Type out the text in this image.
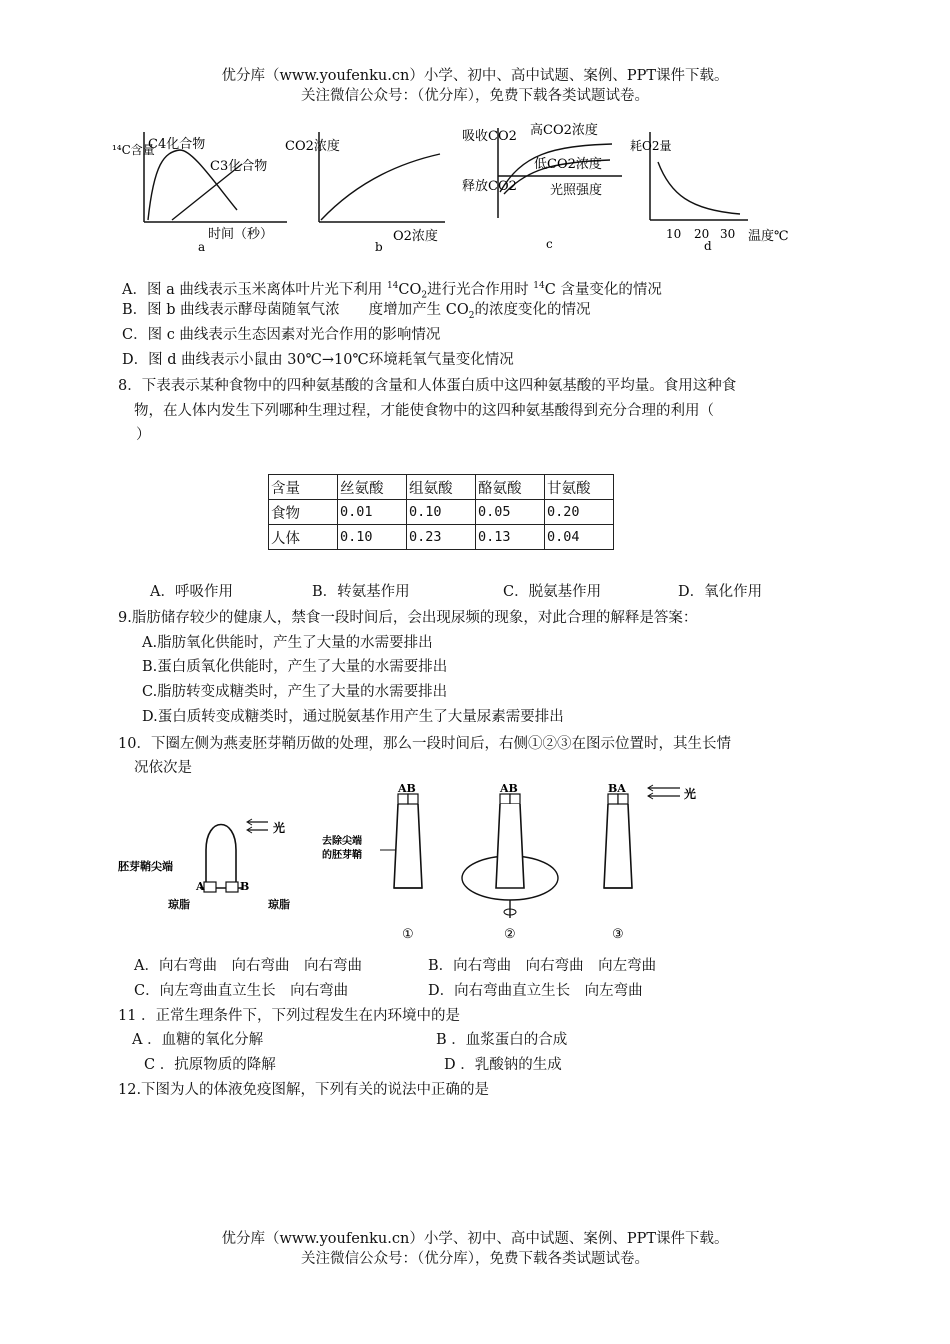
优分库（www.youfenku.cn）小学、初中、高中试题、案例、PPT课件下载。
关注微信公众号：（优分库），免费下载各类试题试卷。
¹⁴C含量
C4化合物
C3化合物
时间（秒）
a
CO2浓度
O2浓度
b
吸收CO2
释放CO2
高CO2浓度
低CO2浓度
光照强度
c
耗O2量
10 20 30 温度℃
d
A．图 a 曲线表示玉米离体叶片光下利用 $^{14}CO_2$进行光合作用时 $^{14}$C 含量变化的情况
B．图 b 曲线表示酵母菌随氧气浓　　度增加产生 $CO_2$的浓度变化的情况
C．图 c 曲线表示生态因素对光合作用的影响情况
D．图 d 曲线表示小鼠由 30℃→10℃环境耗氧气量变化情况
8．下表表示某种食物中的四种氨基酸的含量和人体蛋白质中这四种氨基酸的平均量。食用这种食
物，在人体内发生下列哪种生理过程，才能使食物中的这四种氨基酸得到充分合理的利用（
）
含量	丝氨酸	组氨酸	酪氨酸	甘氨酸
食物	0.01	0.10	0.05	0.20
人体	0.10	0.23	0.13	0.04
A．呼吸作用	B．转氨基作用	C．脱氨基作用	D．氧化作用
9.脂肪储存较少的健康人，禁食一段时间后，会出现尿频的现象，对此合理的解释是答案：
A.脂肪氧化供能时，产生了大量的水需要排出
B.蛋白质氧化供能时，产生了大量的水需要排出
C.脂肪转变成糖类时，产生了大量的水需要排出
D.蛋白质转变成糖类时，通过脱氨基作用产生了大量尿素需要排出
10．下圈左侧为燕麦胚芽鞘历做的处理，那么一段时间后，右侧①②③在图示位置时，其生长情
况依次是
光
胚芽鞘尖端
A	B
琼脂	琼脂
AB
去除尖端
的胚芽鞘
①
AB
②
BA
③
光
A．向右弯曲　向右弯曲　向右弯曲	B．向右弯曲　向右弯曲　向左弯曲
C．向左弯曲直立生长　向右弯曲	D．向右弯曲直立生长　向左弯曲
11 ．正常生理条件下，下列过程发生在内环境中的是
A ．血糖的氧化分解	B ．血浆蛋白的合成
C ．抗原物质的降解	D ．乳酸钠的生成
12.下图为人的体液免疫图解，下列有关的说法中正确的是
优分库（www.youfenku.cn）小学、初中、高中试题、案例、PPT课件下载。
关注微信公众号：（优分库），免费下载各类试题试卷。
